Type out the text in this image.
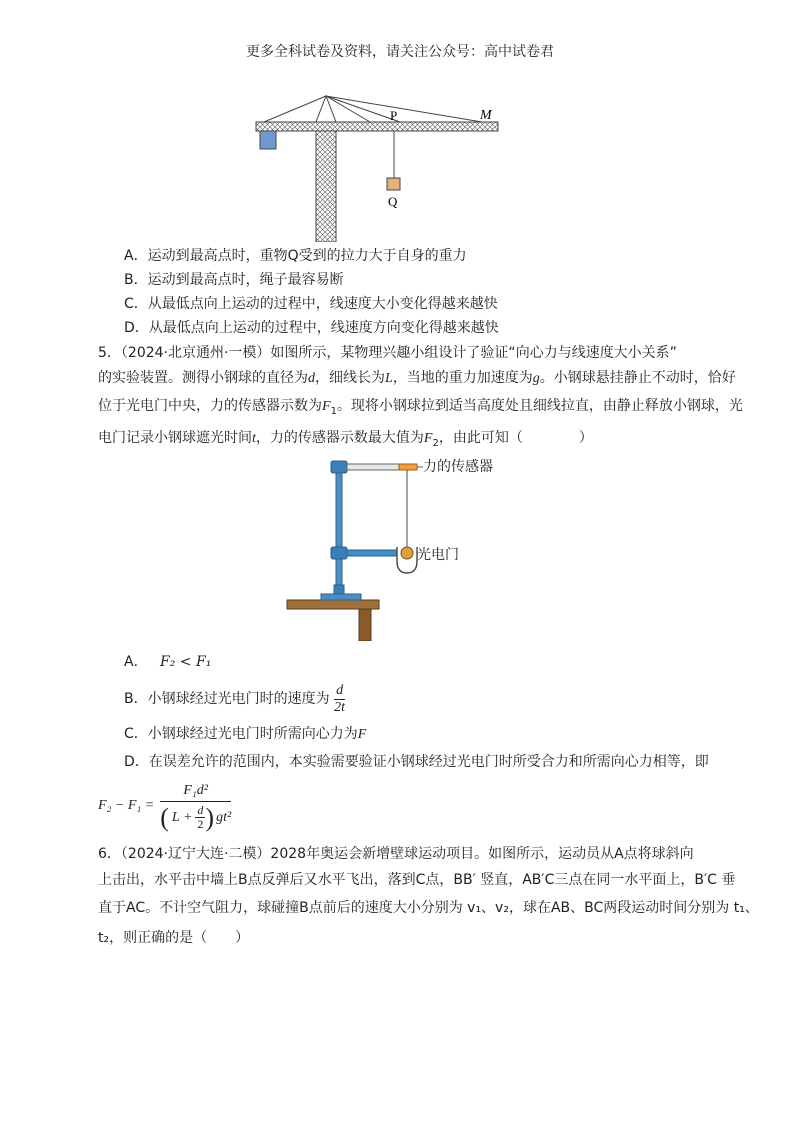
更多全科试卷及资料，请关注公众号：高中试卷君
P	M
Q
A．运动到最高点时，重物Q受到的拉力大于自身的重力
B．运动到最高点时，绳子最容易断
C．从最低点向上运动的过程中，线速度大小变化得越来越快
D．从最低点向上运动的过程中，线速度方向变化得越来越快
5．（2024·北京通州·一模）如图所示，某物理兴趣小组设计了验证“向心力与线速度大小关系”
的实验装置。测得小钢球的直径为d，细线长为L，当地的重力加速度为g。小钢球悬挂静止不动时，恰好
位于光电门中央，力的传感器示数为$F_1$。现将小钢球拉到适当高度处且细线拉直，由静止释放小钢球，光
电门记录小钢球遮光时间t，力的传感器示数最大值为$F_2$，由此可知（　　　　）
力的传感器
光电门
A． F₂ < F₁
B．小钢球经过光电门时的速度为 $\frac{d}{2t}$
C．小钢球经过光电门时所需向心力为F
D．在误差允许的范围内，本实验需要验证小钢球经过光电门时所受合力和所需向心力相等，即
F₂ − F₁ =
F₁d²
( $L + \frac{d}{2}$ ) gt²
6．（2024·辽宁大连·二模）2028年奥运会新增壁球运动项目。如图所示，运动员从A点将球斜向
上击出，水平击中墙上B点反弹后又水平飞出，落到C点，BB′ 竖直，AB′C三点在同一水平面上，B′C 垂
直于AC。不计空气阻力，球碰撞B点前后的速度大小分别为 v₁、v₂，球在AB、BC两段运动时间分别为 t₁、
t₂，则正确的是（　　）
